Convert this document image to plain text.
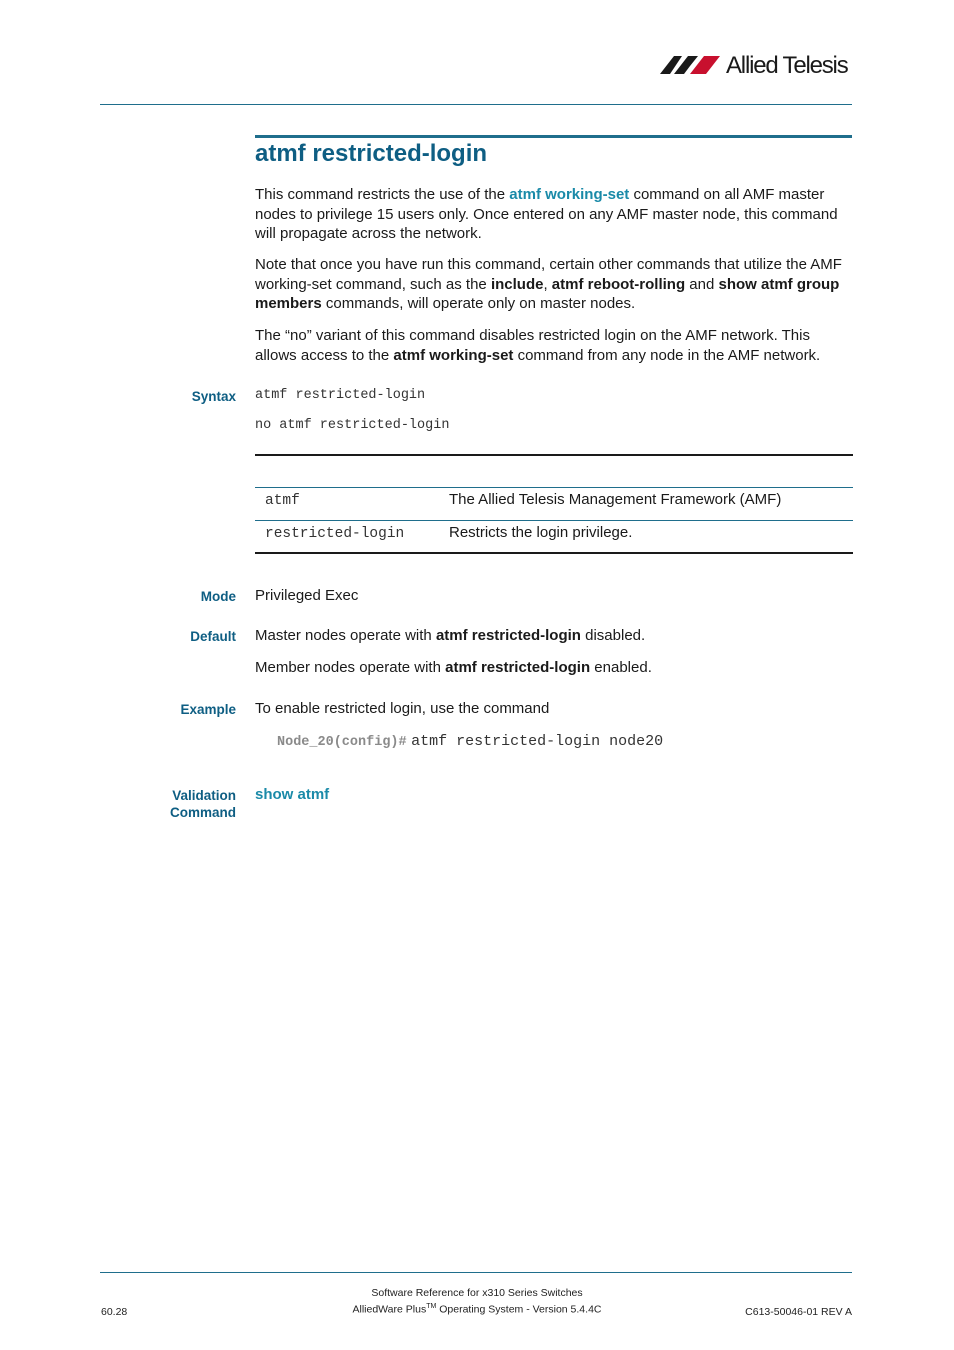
Allied Telesis
atmf restricted-login
This command restricts the use of the atmf working-set command on all AMF master
nodes to privilege 15 users only. Once entered on any AMF master node, this command
will propagate across the network.
Note that once you have run this command, certain other commands that utilize the AMF
working-set command, such as the include, atmf reboot-rolling and show atmf group
members commands, will operate only on master nodes.
The “no” variant of this command disables restricted login on the AMF network. This
allows access to the atmf working-set command from any node in the AMF network.
Syntax atmf restricted-login
no atmf restricted-login
atmf	The Allied Telesis Management Framework (AMF)
restricted-login	Restricts the login privilege.
Mode Privileged Exec
Default Master nodes operate with atmf restricted-login disabled.
Member nodes operate with atmf restricted-login enabled.
Example To enable restricted login, use the command
Node_20(config)# atmf restricted-login node20
Validation
Command
show atmf
Software Reference for x310 Series Switches
AlliedWare Plus™ Operating System - Version 5.4.4C
60.28	C613-50046-01 REV A
